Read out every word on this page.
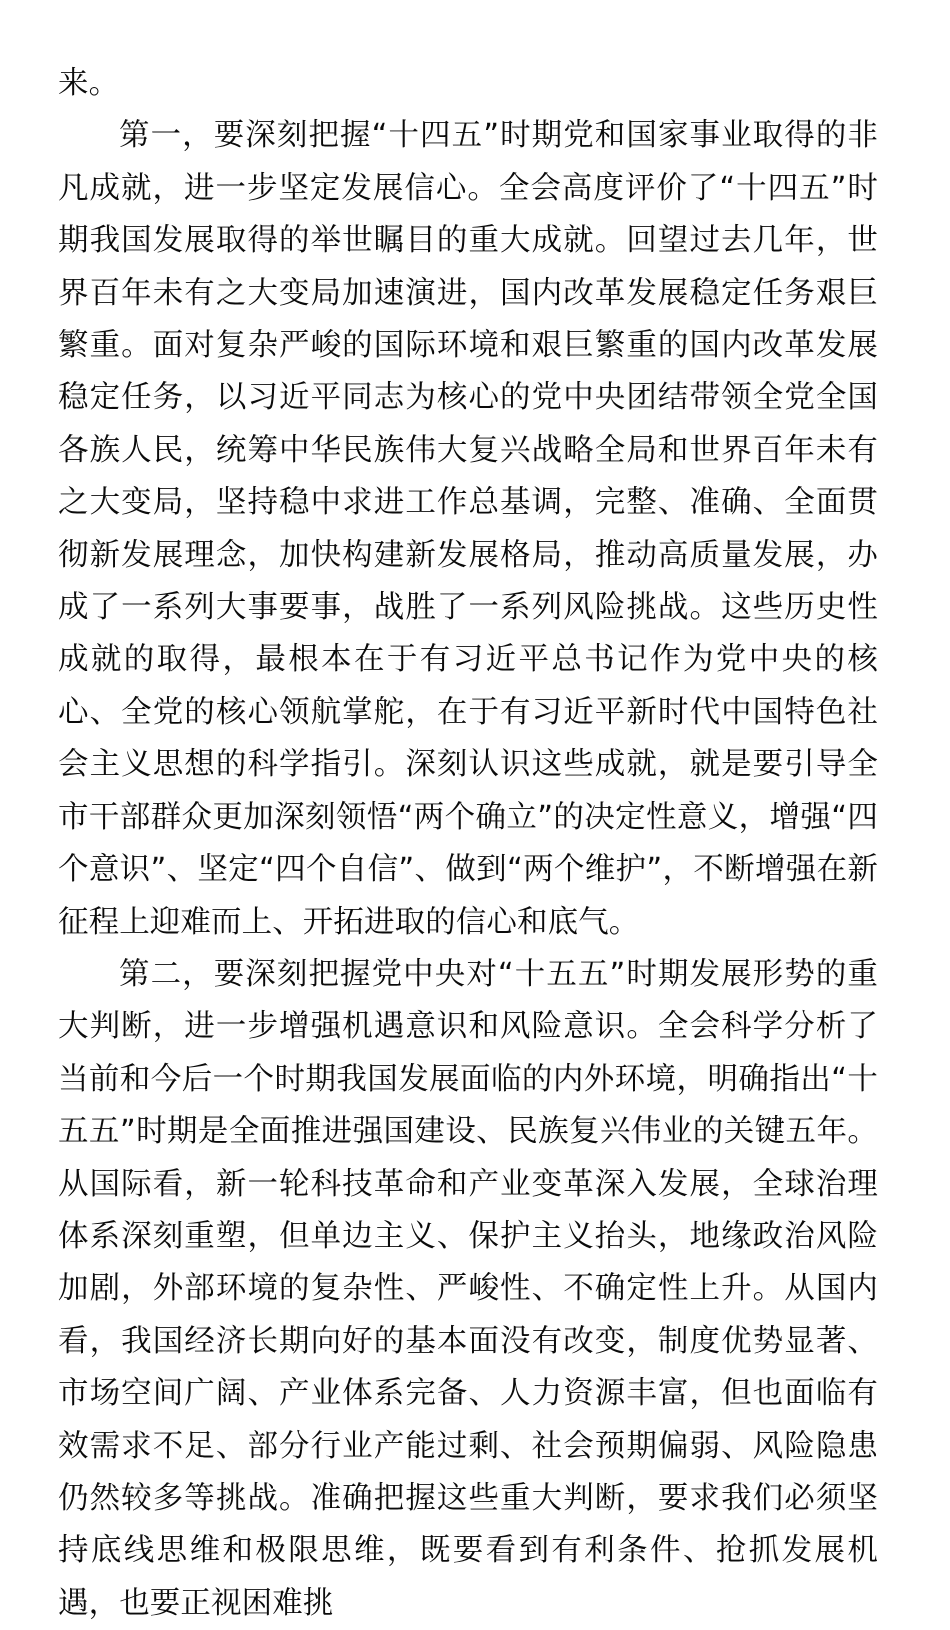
来。

第一，要深刻把握“十四五”时期党和国家事业取得的非凡成就，进一步坚定发展信心。全会高度评价了“十四五”时期我国发展取得的举世瞩目的重大成就。回望过去几年，世界百年未有之大变局加速演进，国内改革发展稳定任务艰巨繁重。面对复杂严峻的国际环境和艰巨繁重的国内改革发展稳定任务，以习近平同志为核心的党中央团结带领全党全国各族人民，统筹中华民族伟大复兴战略全局和世界百年未有之大变局，坚持稳中求进工作总基调，完整、准确、全面贯彻新发展理念，加快构建新发展格局，推动高质量发展，办成了一系列大事要事，战胜了一系列风险挑战。这些历史性成就的取得，最根本在于有习近平总书记作为党中央的核心、全党的核心领航掌舵，在于有习近平新时代中国特色社会主义思想的科学指引。深刻认识这些成就，就是要引导全市干部群众更加深刻领悟“两个确立”的决定性意义，增强“四个意识”、坚定“四个自信”、做到“两个维护”，不断增强在新征程上迎难而上、开拓进取的信心和底气。

第二，要深刻把握党中央对“十五五”时期发展形势的重大判断，进一步增强机遇意识和风险意识。全会科学分析了当前和今后一个时期我国发展面临的内外环境，明确指出“十五五”时期是全面推进强国建设、民族复兴伟业的关键五年。从国际看，新一轮科技革命和产业变革深入发展，全球治理体系深刻重塑，但单边主义、保护主义抬头，地缘政治风险加剧，外部环境的复杂性、严峻性、不确定性上升。从国内看，我国经济长期向好的基本面没有改变，制度优势显著、市场空间广阔、产业体系完备、人力资源丰富，但也面临有效需求不足、部分行业产能过剩、社会预期偏弱、风险隐患仍然较多等挑战。准确把握这些重大判断，要求我们必须坚持底线思维和极限思维，既要看到有利条件、抢抓发展机遇，也要正视困难挑
